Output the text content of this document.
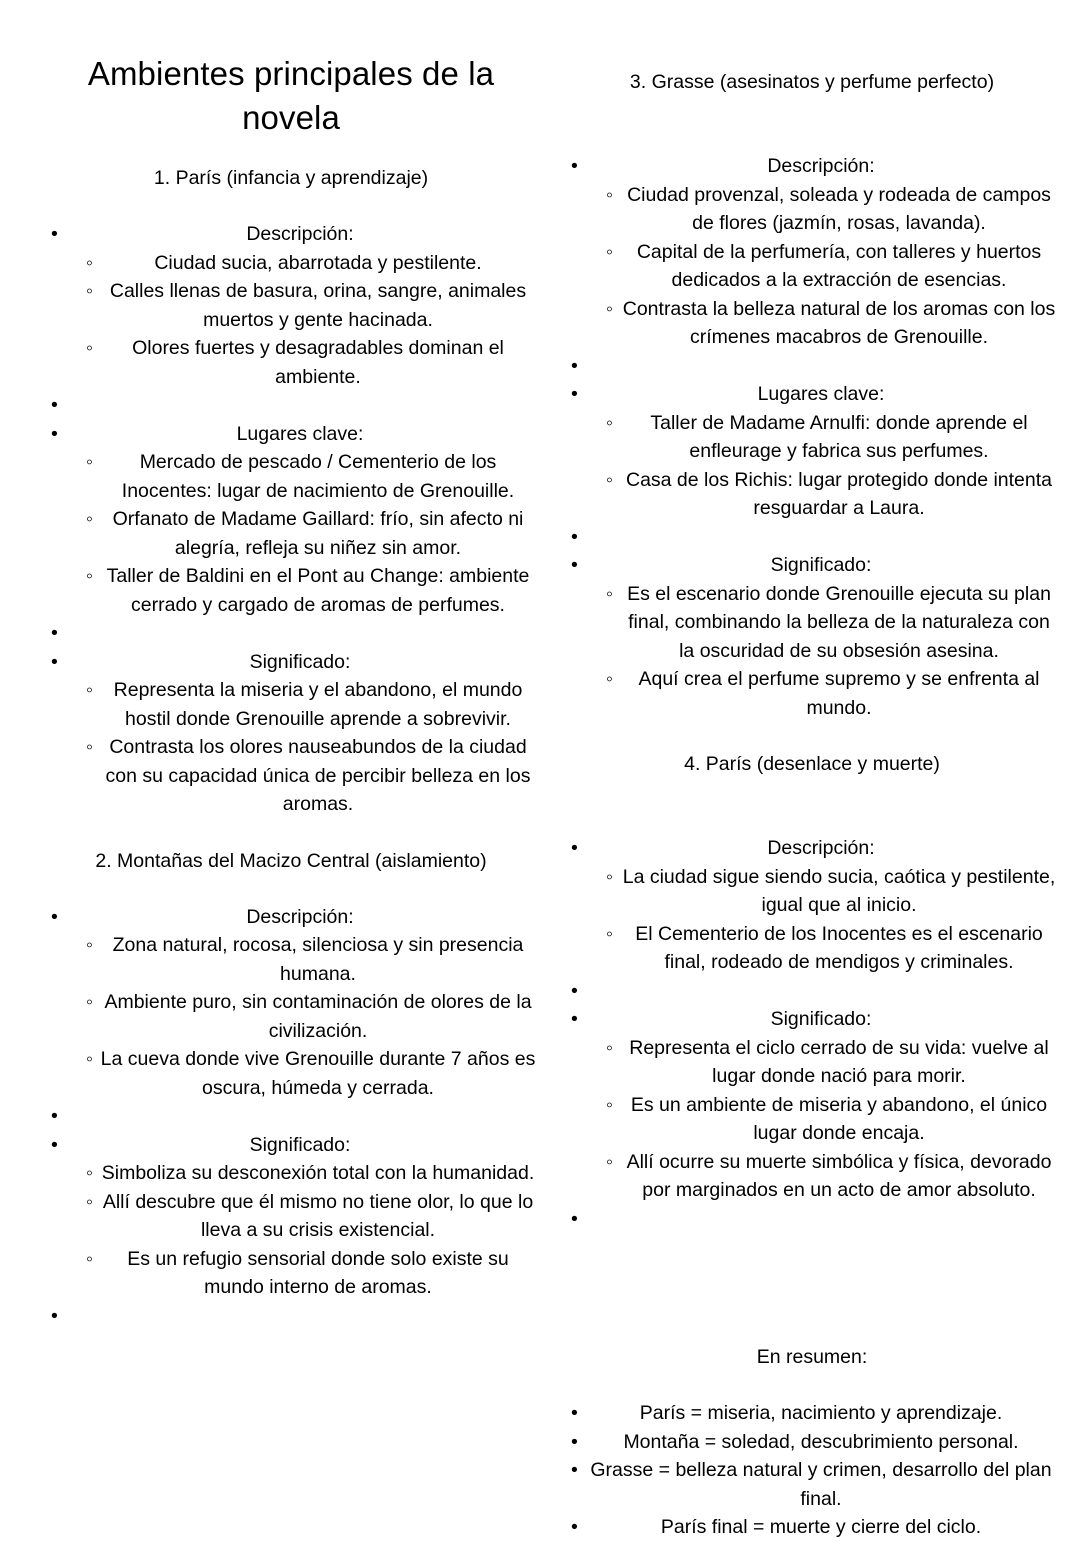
Ambientes principales de la novela
1. París (infancia y aprendizaje)
• Descripción:
◦ Ciudad sucia, abarrotada y pestilente.
◦ Calles llenas de basura, orina, sangre, animales muertos y gente hacinada.
◦ Olores fuertes y desagradables dominan el ambiente.
•
• Lugares clave:
◦ Mercado de pescado / Cementerio de los Inocentes: lugar de nacimiento de Grenouille.
◦ Orfanato de Madame Gaillard: frío, sin afecto ni alegría, refleja su niñez sin amor.
◦ Taller de Baldini en el Pont au Change: ambiente cerrado y cargado de aromas de perfumes.
•
• Significado:
◦ Representa la miseria y el abandono, el mundo hostil donde Grenouille aprende a sobrevivir.
◦ Contrasta los olores nauseabundos de la ciudad con su capacidad única de percibir belleza en los aromas.
2. Montañas del Macizo Central (aislamiento)
• Descripción:
◦ Zona natural, rocosa, silenciosa y sin presencia humana.
◦ Ambiente puro, sin contaminación de olores de la civilización.
◦ La cueva donde vive Grenouille durante 7 años es oscura, húmeda y cerrada.
•
• Significado:
◦ Simboliza su desconexión total con la humanidad.
◦ Allí descubre que él mismo no tiene olor, lo que lo lleva a su crisis existencial.
◦ Es un refugio sensorial donde solo existe su mundo interno de aromas.
•
3. Grasse (asesinatos y perfume perfecto)
• Descripción:
◦ Ciudad provenzal, soleada y rodeada de campos de flores (jazmín, rosas, lavanda).
◦ Capital de la perfumería, con talleres y huertos dedicados a la extracción de esencias.
◦ Contrasta la belleza natural de los aromas con los crímenes macabros de Grenouille.
•
• Lugares clave:
◦ Taller de Madame Arnulfi: donde aprende el enfleurage y fabrica sus perfumes.
◦ Casa de los Richis: lugar protegido donde intenta resguardar a Laura.
•
• Significado:
◦ Es el escenario donde Grenouille ejecuta su plan final, combinando la belleza de la naturaleza con la oscuridad de su obsesión asesina.
◦ Aquí crea el perfume supremo y se enfrenta al mundo.
4. París (desenlace y muerte)
• Descripción:
◦ La ciudad sigue siendo sucia, caótica y pestilente, igual que al inicio.
◦ El Cementerio de los Inocentes es el escenario final, rodeado de mendigos y criminales.
•
• Significado:
◦ Representa el ciclo cerrado de su vida: vuelve al lugar donde nació para morir.
◦ Es un ambiente de miseria y abandono, el único lugar donde encaja.
◦ Allí ocurre su muerte simbólica y física, devorado por marginados en un acto de amor absoluto.
•
En resumen:
• París = miseria, nacimiento y aprendizaje.
• Montaña = soledad, descubrimiento personal.
• Grasse = belleza natural y crimen, desarrollo del plan final.
• París final = muerte y cierre del ciclo.
